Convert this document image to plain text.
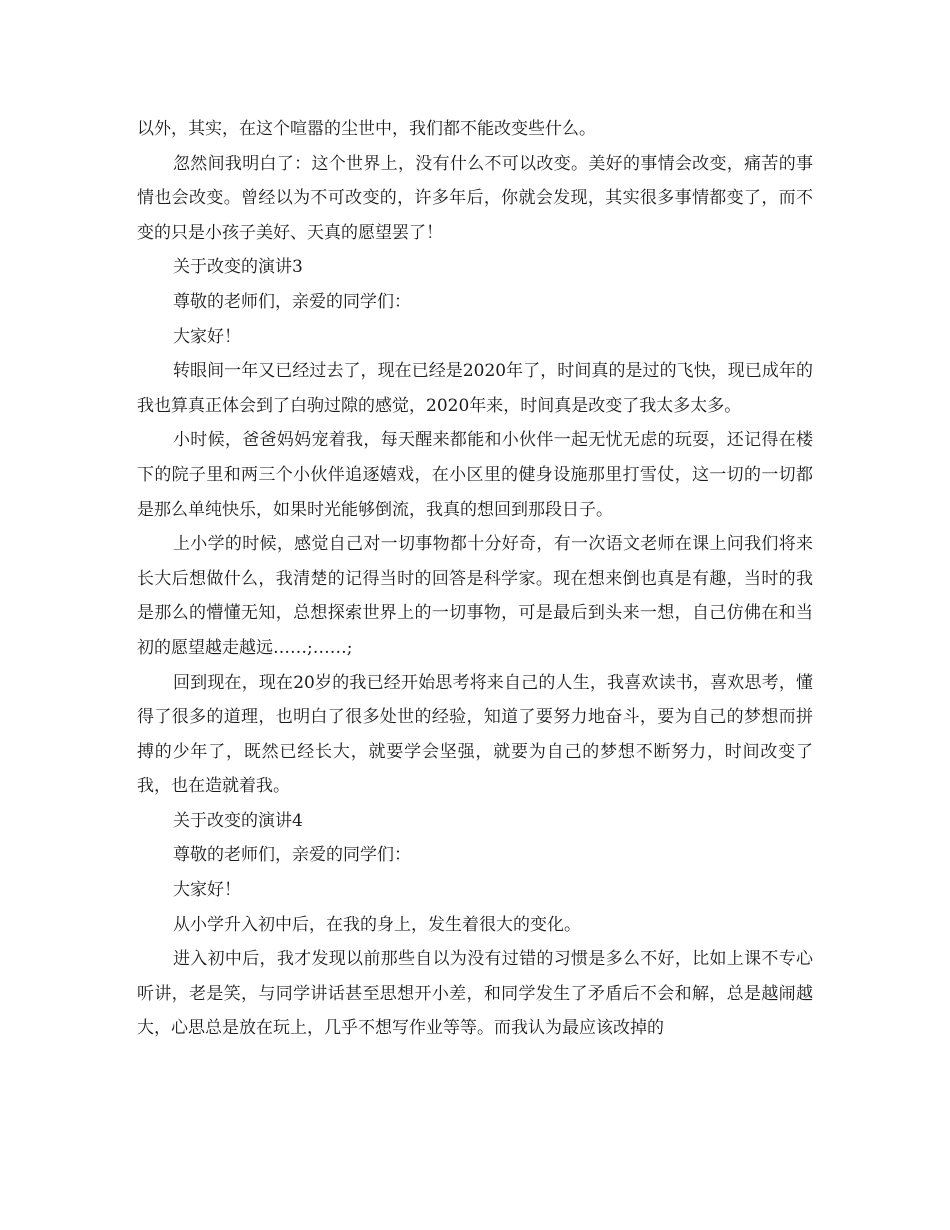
以外，其实，在这个喧嚣的尘世中，我们都不能改变些什么。

忽然间我明白了：这个世界上，没有什么不可以改变。美好的事情会改变，痛苦的事情也会改变。曾经以为不可改变的，许多年后，你就会发现，其实很多事情都变了，而不变的只是小孩子美好、天真的愿望罢了！

关于改变的演讲3

尊敬的老师们，亲爱的同学们：

大家好！

转眼间一年又已经过去了，现在已经是2020年了，时间真的是过的飞快，现已成年的我也算真正体会到了白驹过隙的感觉，2020年来，时间真是改变了我太多太多。

小时候，爸爸妈妈宠着我，每天醒来都能和小伙伴一起无忧无虑的玩耍，还记得在楼下的院子里和两三个小伙伴追逐嬉戏，在小区里的健身设施那里打雪仗，这一切的一切都是那么单纯快乐，如果时光能够倒流，我真的想回到那段日子。

上小学的时候，感觉自己对一切事物都十分好奇，有一次语文老师在课上问我们将来长大后想做什么，我清楚的记得当时的回答是科学家。现在想来倒也真是有趣，当时的我是那么的懵懂无知，总想探索世界上的一切事物，可是最后到头来一想，自己仿佛在和当初的愿望越走越远……;……;

回到现在，现在20岁的我已经开始思考将来自己的人生，我喜欢读书，喜欢思考，懂得了很多的道理，也明白了很多处世的经验，知道了要努力地奋斗，要为自己的梦想而拼搏的少年了，既然已经长大，就要学会坚强，就要为自己的梦想不断努力，时间改变了我，也在造就着我。

关于改变的演讲4

尊敬的老师们，亲爱的同学们：

大家好！

从小学升入初中后，在我的身上，发生着很大的变化。

进入初中后，我才发现以前那些自以为没有过错的习惯是多么不好，比如上课不专心听讲，老是笑，与同学讲话甚至思想开小差，和同学发生了矛盾后不会和解，总是越闹越大，心思总是放在玩上，几乎不想写作业等等。而我认为最应该改掉的
